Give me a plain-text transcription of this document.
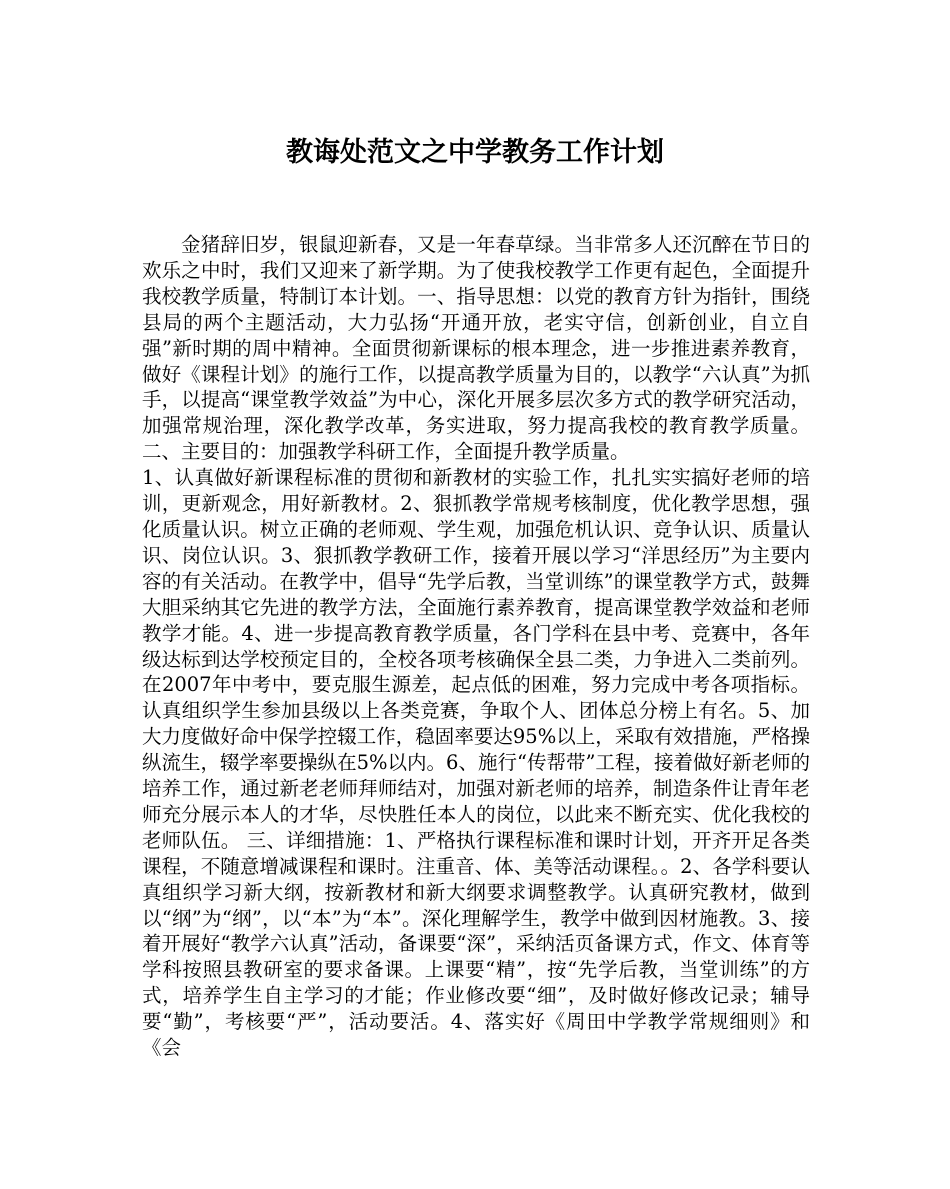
教诲处范文之中学教务工作计划

金猪辞旧岁，银鼠迎新春，又是一年春草绿。当非常多人还沉醉在节日的欢乐之中时，我们又迎来了新学期。为了使我校教学工作更有起色，全面提升我校教学质量，特制订本计划。一、指导思想：以党的教育方针为指针，围绕县局的两个主题活动，大力弘扬“开通开放，老实守信，创新创业，自立自强”新时期的周中精神。全面贯彻新课标的根本理念，进一步推进素养教育，做好《课程计划》的施行工作，以提高教学质量为目的，以教学“六认真”为抓手，以提高“课堂教学效益”为中心，深化开展多层次多方式的教学研究活动，加强常规治理，深化教学改革，务实进取，努力提高我校的教育教学质量。 二、主要目的：加强教学科研工作，全面提升教学质量。

1、认真做好新课程标准的贯彻和新教材的实验工作，扎扎实实搞好老师的培训，更新观念，用好新教材。2、狠抓教学常规考核制度，优化教学思想，强化质量认识。树立正确的老师观、学生观，加强危机认识、竞争认识、质量认识、岗位认识。3、狠抓教学教研工作，接着开展以学习“洋思经历”为主要内容的有关活动。在教学中，倡导“先学后教，当堂训练”的课堂教学方式，鼓舞大胆采纳其它先进的教学方法，全面施行素养教育，提高课堂教学效益和老师教学才能。4、进一步提高教育教学质量，各门学科在县中考、竞赛中，各年级达标到达学校预定目的，全校各项考核确保全县二类，力争进入二类前列。在2007年中考中，要克服生源差，起点低的困难，努力完成中考各项指标。认真组织学生参加县级以上各类竞赛，争取个人、团体总分榜上有名。5、加大力度做好命中保学控辍工作，稳固率要达95%以上，采取有效措施，严格操纵流生，辍学率要操纵在5%以内。6、施行“传帮带”工程，接着做好新老师的培养工作，通过新老老师拜师结对，加强对新老师的培养，制造条件让青年老师充分展示本人的才华，尽快胜任本人的岗位，以此来不断充实、优化我校的老师队伍。 三、详细措施：1、严格执行课程标准和课时计划，开齐开足各类课程，不随意增减课程和课时。注重音、体、美等活动课程。。2、各学科要认真组织学习新大纲，按新教材和新大纲要求调整教学。认真研究教材，做到以“纲”为“纲”，以“本”为“本”。深化理解学生，教学中做到因材施教。3、接着开展好“教学六认真”活动，备课要“深”，采纳活页备课方式，作文、体育等学科按照县教研室的要求备课。上课要“精”，按“先学后教，当堂训练”的方式，培养学生自主学习的才能；作业修改要“细”，及时做好修改记录；辅导要“勤”，考核要“严”，活动要活。4、落实好《周田中学教学常规细则》和《会
